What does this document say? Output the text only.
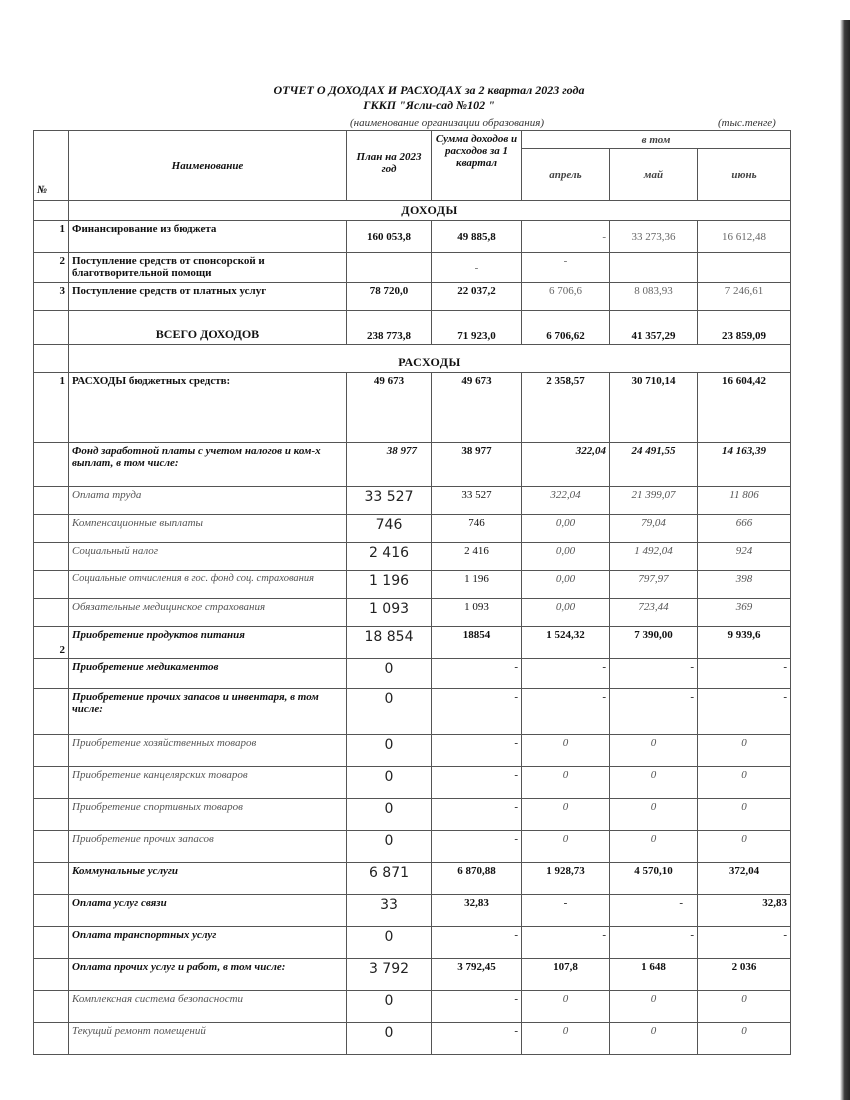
ОТЧЕТ О ДОХОДАХ И РАСХОДАХ за 2 квартал 2023 года
ГККП "Ясли-сад №102 "
(наименование организации образования)	(тыс.тенге)
№	Наименование	План на 2023 год	Сумма доходов и расходов за 1 квартал	в том		
				апрель	май	июнь
	ДОХОДЫ					
1	Финансирование из бюджета	160 053,8	49 885,8	-	33 273,36	16 612,48
2	Поступление средств от спонсорской и благотворительной помощи		-	-		
3	Поступление средств от платных услуг	78 720,0	22 037,2	6 706,6	8 083,93	7 246,61
	ВСЕГО ДОХОДОВ	238 773,8	71 923,0	6 706,62	41 357,29	23 859,09
	РАСХОДЫ					
1	РАСХОДЫ бюджетных средств:	49 673	49 673	2 358,57	30 710,14	16 604,42
	Фонд заработной платы с учетом налогов и ком-х выплат, в том числе:	38 977	38 977	322,04	24 491,55	14 163,39
	Оплата труда	33 527	33 527	322,04	21 399,07	11 806
	Компенсационные выплаты	746	746	0,00	79,04	666
	Социальный налог	2 416	2 416	0,00	1 492,04	924
	Социальные отчисления в гос. фонд соц. страхования	1 196	1 196	0,00	797,97	398
	Обязательные медицинское страхования	1 093	1 093	0,00	723,44	369
2	Приобретение продуктов питания	18 854	18854	1 524,32	7 390,00	9 939,6
	Приобретение медикаментов	0	-	-	-	-
	Приобретение прочих запасов и инвентаря, в том числе:	0	-	-	-	-
	Приобретение хозяйственных товаров	0	-	0	0	0
	Приобретение канцелярских товаров	0	-	0	0	0
	Приобретение спортивных товаров	0	-	0	0	0
	Приобретение прочих запасов	0	-	0	0	0
	Коммунальные услуги	6 871	6 870,88	1 928,73	4 570,10	372,04
	Оплата услуг связи	33	32,83	-	-	32,83
	Оплата транспортных услуг	0	-	-	-	-
	Оплата прочих услуг и работ, в том числе:	3 792	3 792,45	107,8	1 648	2 036
	Комплексная система безопасности	0	-	0	0	0
	Текущий ремонт помещений	0	-	0	0	0
